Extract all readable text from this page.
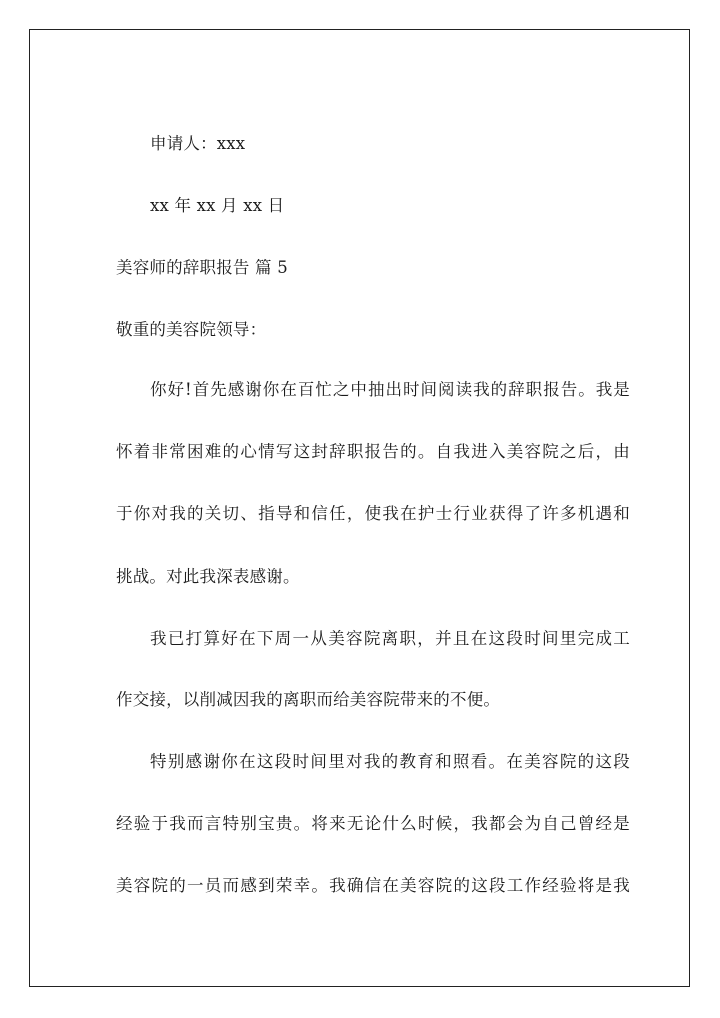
申请人：xxx
xx 年 xx 月 xx 日
美容师的辞职报告 篇 5
敬重的美容院领导：
你好!首先感谢你在百忙之中抽出时间阅读我的辞职报告。我是
怀着非常困难的心情写这封辞职报告的。自我进入美容院之后，由
于你对我的关切、指导和信任，使我在护士行业获得了许多机遇和
挑战。对此我深表感谢。
我已打算好在下周一从美容院离职，并且在这段时间里完成工
作交接，以削减因我的离职而给美容院带来的不便。
特别感谢你在这段时间里对我的教育和照看。在美容院的这段
经验于我而言特别宝贵。将来无论什么时候，我都会为自己曾经是
美容院的一员而感到荣幸。我确信在美容院的这段工作经验将是我
